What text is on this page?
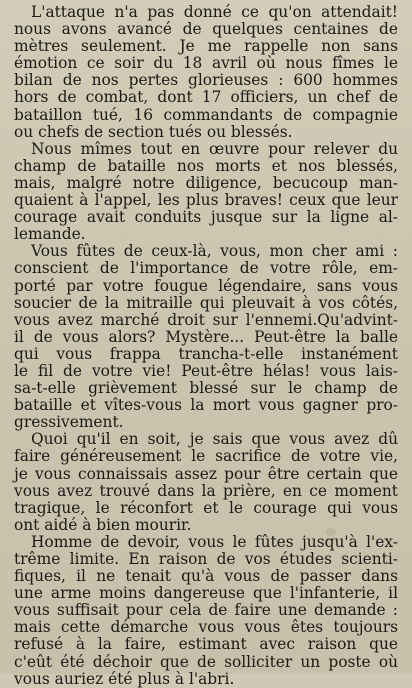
L'attaque n'a pas donné ce qu'on attendait!
nous avons avancé de quelques centaines de
mètres seulement. Je me rappelle non sans
émotion ce soir du 18 avril où nous fîmes le
bilan de nos pertes glorieuses : 600 hommes
hors de combat, dont 17 officiers, un chef de
bataillon tué, 16 commandants de compagnie
ou chefs de section tués ou blessés.
Nous mîmes tout en œuvre pour relever du
champ de bataille nos morts et nos blessés,
mais, malgré notre diligence, becucoup man-
quaient à l'appel, les plus braves! ceux que leur
courage avait conduits jusque sur la ligne al-
lemande.
Vous fûtes de ceux-là, vous, mon cher ami :
conscient de l'importance de votre rôle, em-
porté par votre fougue légendaire, sans vous
soucier de la mitraille qui pleuvait à vos côtés,
vous avez marché droit sur l'ennemi.Qu'advint-
il de vous alors? Mystère... Peut-être la balle
qui vous frappa trancha-t-elle instanément
le fil de votre vie! Peut-être hélas! vous lais-
sa-t-elle grièvement blessé sur le champ de
bataille et vîtes-vous la mort vous gagner pro-
gressivement.
Quoi qu'il en soit, je sais que vous avez dû
faire généreusement le sacrifice de votre vie,
je vous connaissais assez pour être certain que
vous avez trouvé dans la prière, en ce moment
tragique, le réconfort et le courage qui vous
ont aidé à bien mourir.
Homme de devoir, vous le fûtes jusqu'à l'ex-
trême limite. En raison de vos études scienti-
fiques, il ne tenait qu'à vous de passer dans
une arme moins dangereuse que l'infanterie, il
vous suffisait pour cela de faire une demande :
mais cette démarche vous vous êtes toujours
refusé à la faire, estimant avec raison que
c'eût été déchoir que de solliciter un poste où
vous auriez été plus à l'abri.
